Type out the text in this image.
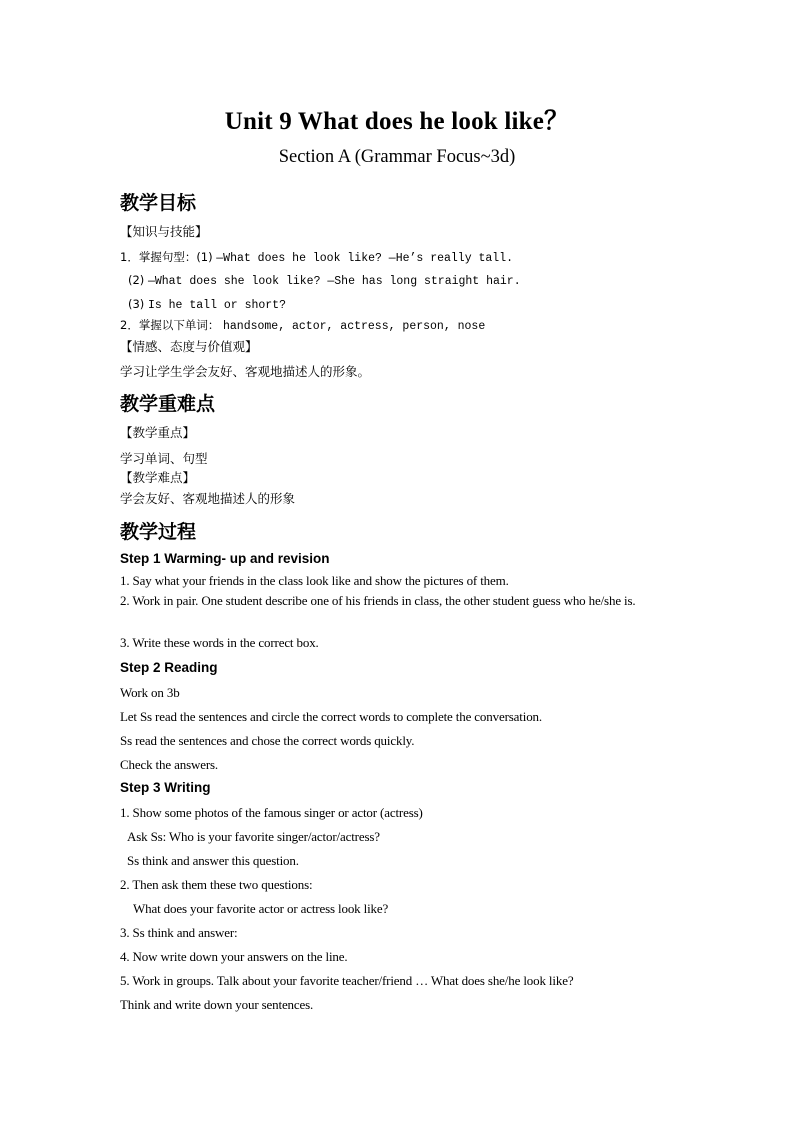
Unit 9 What does he look like？
Section A (Grammar Focus~3d)
教学目标
【知识与技能】
1．掌握句型：(1) —What does he look like? —He’s really tall.
(2) —What does she look like? —She has long straight hair.
(3) Is he tall or short?
2．掌握以下单词： handsome, actor, actress, person, nose
【情感、态度与价值观】
学习让学生学会友好、客观地描述人的形象。
教学重难点
【教学重点】
学习单词、句型
【教学难点】
学会友好、客观地描述人的形象
教学过程
Step 1 Warming- up and revision
1. Say what your friends in the class look like and show the pictures of them.
2. Work in pair. One student describe one of his friends in class, the other student guess who he/she is.
3. Write these words in the correct box.
Step 2 Reading
Work on 3b
Let Ss read the sentences and circle the correct words to complete the conversation.
Ss read the sentences and chose the correct words quickly.
Check the answers.
Step 3 Writing
1. Show some photos of the famous singer or actor (actress)
Ask Ss: Who is your favorite singer/actor/actress?
Ss think and answer this question.
2. Then ask them these two questions:
What does your favorite actor or actress look like?
3. Ss think and answer:
4. Now write down your answers on the line.
5. Work in groups. Talk about your favorite teacher/friend … What does she/he look like?
Think and write down your sentences.
